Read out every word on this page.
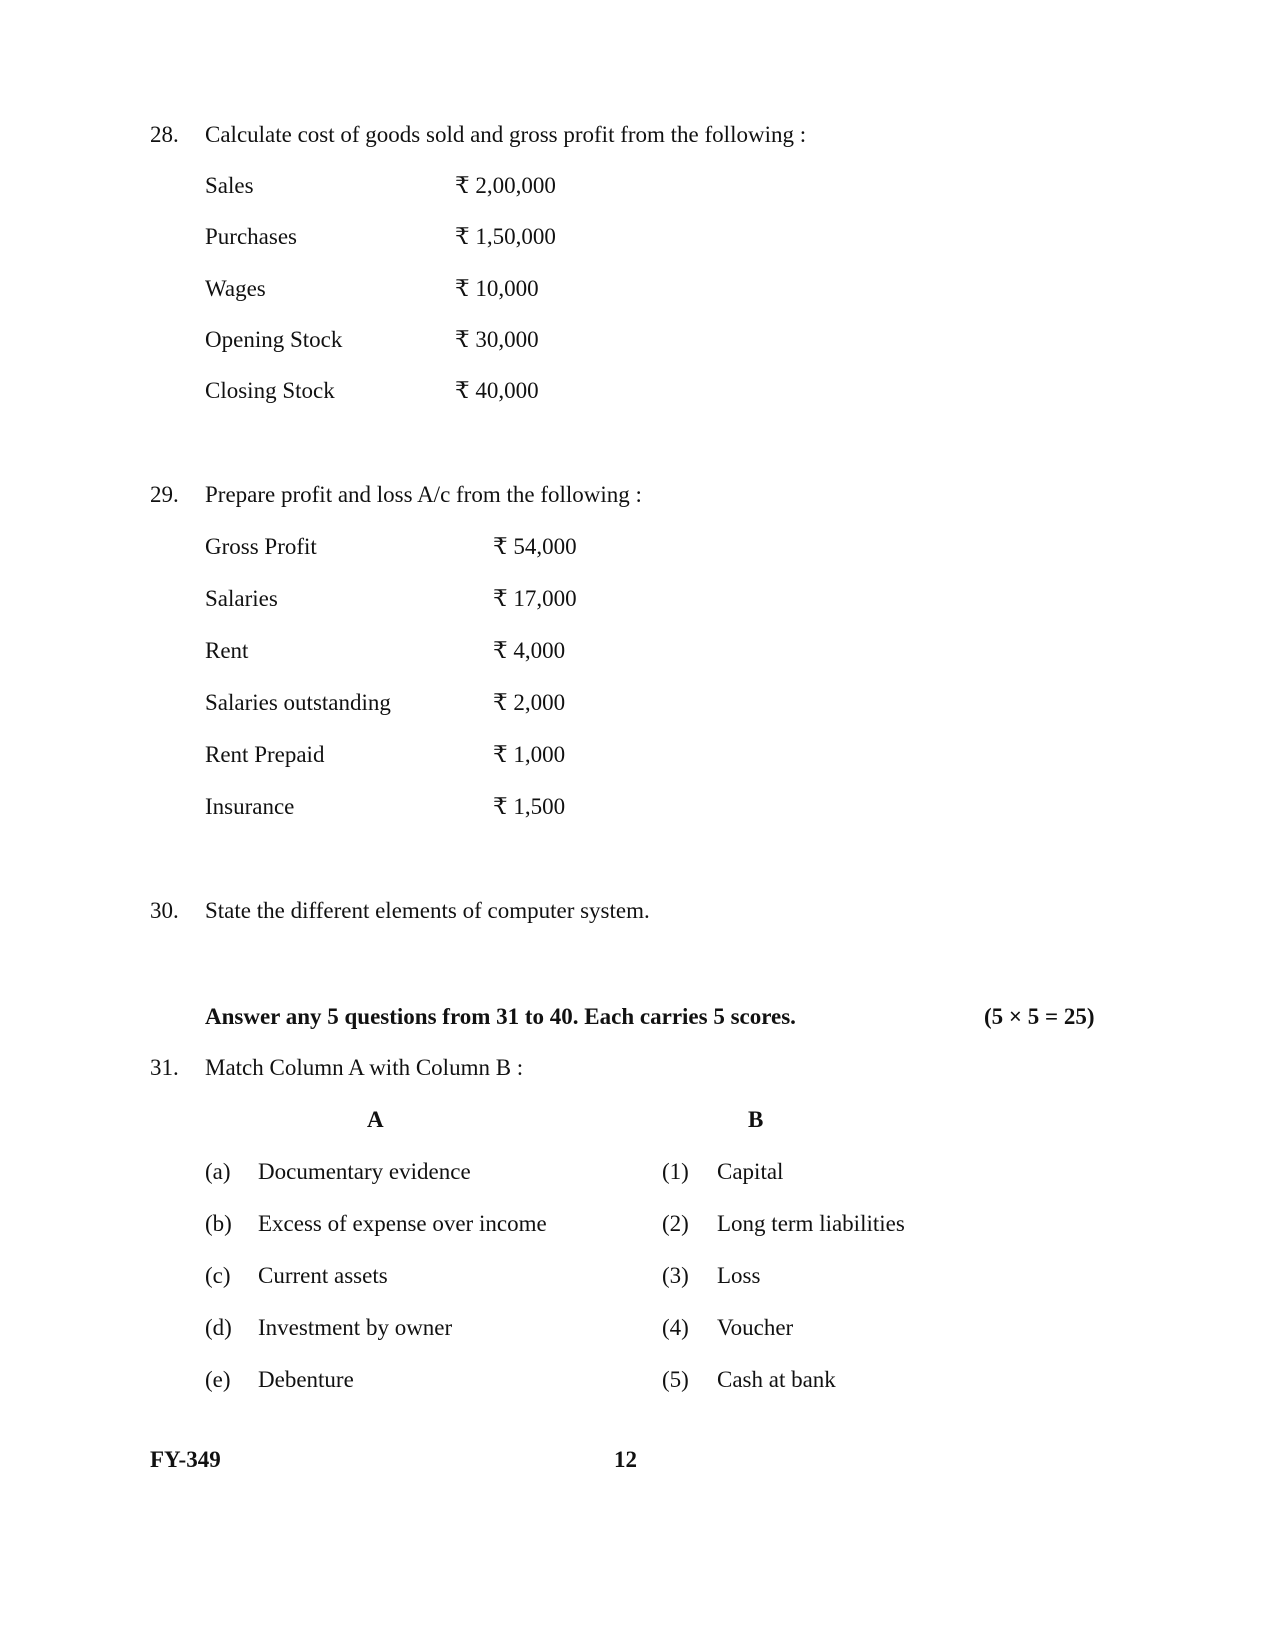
28. Calculate cost of goods sold and gross profit from the following :
Sales	₹ 2,00,000
Purchases	₹ 1,50,000
Wages	₹ 10,000
Opening Stock	₹ 30,000
Closing Stock	₹ 40,000
29. Prepare profit and loss A/c from the following :
Gross Profit	₹ 54,000
Salaries	₹ 17,000
Rent	₹ 4,000
Salaries outstanding	₹ 2,000
Rent Prepaid	₹ 1,000
Insurance	₹ 1,500
30. State the different elements of computer system.
Answer any 5 questions from 31 to 40. Each carries 5 scores.	(5 × 5 = 25)
31. Match Column A with Column B :
A	B
(a) Documentary evidence	(1) Capital
(b) Excess of expense over income	(2) Long term liabilities
(c) Current assets	(3) Loss
(d) Investment by owner	(4) Voucher
(e) Debenture	(5) Cash at bank
FY-349	12
